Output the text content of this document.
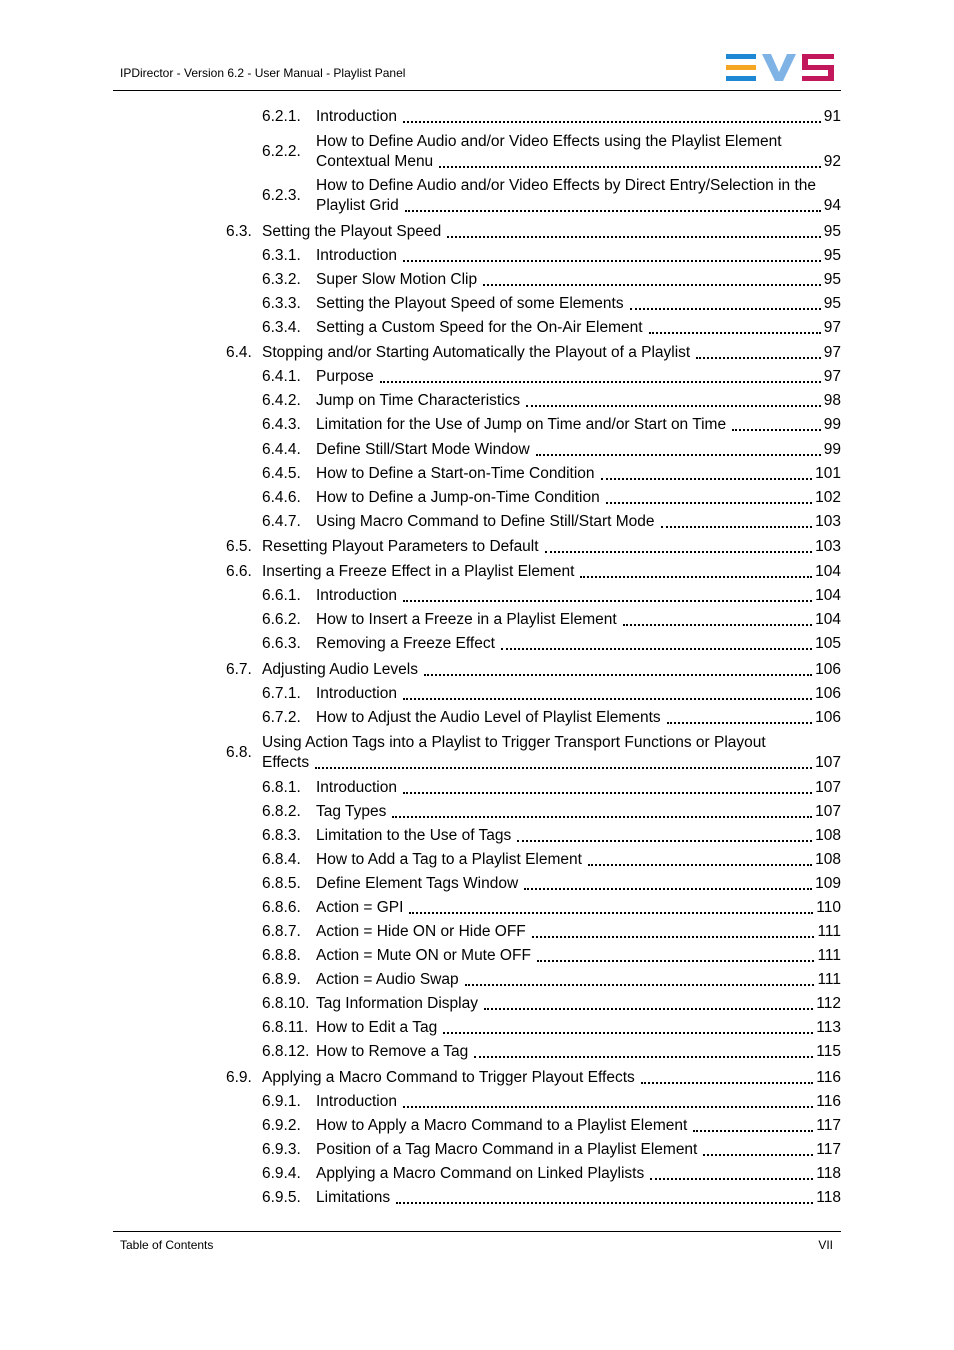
IPDirector - Version 6.2 - User Manual - Playlist Panel
6.2.1. Introduction	91
6.2.2.
How to Define Audio and/or Video Effects using the Playlist Element
Contextual Menu	92
6.2.3.
How to Define Audio and/or Video Effects by Direct Entry/Selection in the
Playlist Grid	94
6.3. Setting the Playout Speed	95
6.3.1. Introduction	95
6.3.2. Super Slow Motion Clip	95
6.3.3. Setting the Playout Speed of some Elements	95
6.3.4. Setting a Custom Speed for the On-Air Element	97
6.4. Stopping and/or Starting Automatically the Playout of a Playlist	97
6.4.1. Purpose	97
6.4.2. Jump on Time Characteristics	98
6.4.3. Limitation for the Use of Jump on Time and/or Start on Time	99
6.4.4. Define Still/Start Mode Window	99
6.4.5. How to Define a Start-on-Time Condition	101
6.4.6. How to Define a Jump-on-Time Condition	102
6.4.7. Using Macro Command to Define Still/Start Mode	103
6.5. Resetting Playout Parameters to Default	103
6.6. Inserting a Freeze Effect in a Playlist Element	104
6.6.1. Introduction	104
6.6.2. How to Insert a Freeze in a Playlist Element	104
6.6.3. Removing a Freeze Effect	105
6.7. Adjusting Audio Levels	106
6.7.1. Introduction	106
6.7.2. How to Adjust the Audio Level of Playlist Elements	106
6.8.
Using Action Tags into a Playlist to Trigger Transport Functions or Playout
Effects	107
6.8.1. Introduction	107
6.8.2. Tag Types	107
6.8.3. Limitation to the Use of Tags	108
6.8.4. How to Add a Tag to a Playlist Element	108
6.8.5. Define Element Tags Window	109
6.8.6. Action = GPI	110
6.8.7. Action = Hide ON or Hide OFF	111
6.8.8. Action = Mute ON or Mute OFF	111
6.8.9. Action = Audio Swap	111
6.8.10. Tag Information Display	112
6.8.11. How to Edit a Tag	113
6.8.12. How to Remove a Tag	115
6.9. Applying a Macro Command to Trigger Playout Effects	116
6.9.1. Introduction	116
6.9.2. How to Apply a Macro Command to a Playlist Element	117
6.9.3. Position of a Tag Macro Command in a Playlist Element	117
6.9.4. Applying a Macro Command on Linked Playlists	118
6.9.5. Limitations	118
Table of Contents	VII
